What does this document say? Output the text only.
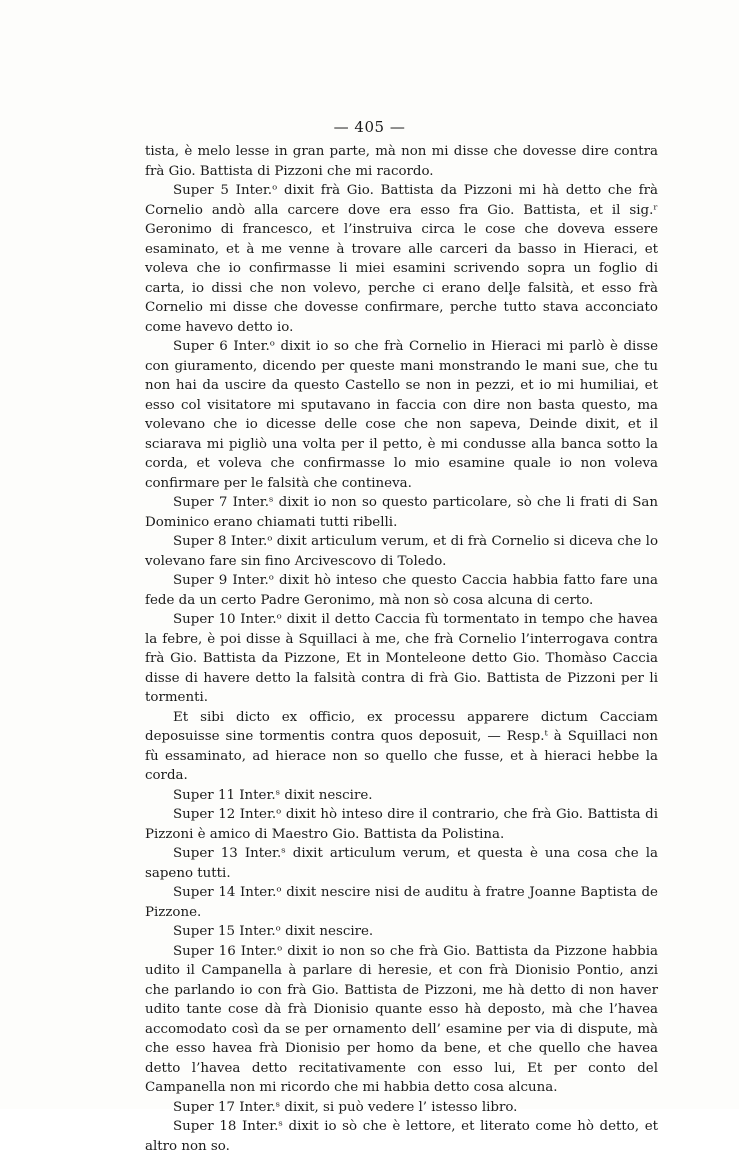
— 405 —

tista, è melo lesse in gran parte, mà non mi disse che dovesse dire contra frà Gio. Battista di Pizzoni che mi racordo.

Super 5 Inter.ᵒ dixit frà Gio. Battista da Pizzoni mi hà detto che frà Cornelio andò alla carcere dove era esso fra Gio. Battista, et il sig.ʳ Geronimo di francesco, et l’instruiva circa le cose che doveva essere esaminato, et à me venne à trovare alle carceri da basso in Hieraci, et voleva che io confirmasse li miei esamini scrivendo sopra un foglio di carta, io dissi che non volevo, perche ci erano dell̥e falsità, et esso frà Cornelio mi disse che dovesse confirmare, perche tutto stava acconciato come havevo detto io.

Super 6 Inter.ᵒ dixit io so che frà Cornelio in Hieraci mi parlò è disse con giuramento, dicendo per queste mani monstrando le mani sue, che tu non hai da uscire da questo Castello se non in pezzi, et io mi humiliai, et esso col visitatore mi sputavano in faccia con dire non basta questo, ma volevano che io dicesse delle cose che non sapeva, Deinde dixit, et il sciarava mi pigliò una volta per il petto, è mi condusse alla banca sotto la corda, et voleva che confirmasse lo mio esamine quale io non voleva confirmare per le falsità che contineva.

Super 7 Inter.ˢ dixit io non so questo particolare, sò che li frati di San Dominico erano chiamati tutti ribelli.

Super 8 Inter.ᵒ dixit articulum verum, et di frà Cornelio si diceva che lo volevano fare sin fino Arcivescovo di Toledo.

Super 9 Inter.ᵒ dixit hò inteso che questo Caccia habbia fatto fare una fede da un certo Padre Geronimo, mà non sò cosa alcuna di certo.

Super 10 Inter.ᵒ dixit il detto Caccia fù tormentato in tempo che havea la febre, è poi disse à Squillaci à me, che frà Cornelio l’interrogava contra frà Gio. Battista da Pizzone, Et in Monteleone detto Gio. Thomàso Caccia disse di havere detto la falsità contra di frà Gio. Battista de Pizzoni per li tormenti.

Et sibi dicto ex officio, ex processu apparere dictum Cacciam deposuisse sine tormentis contra quos deposuit, — Resp.ᵗ à Squillaci non fù essaminato, ad hierace non so quello che fusse, et à hieraci hebbe la corda.

Super 11 Inter.ˢ dixit nescire.

Super 12 Inter.ᵒ dixit hò inteso dire il contrario, che frà Gio. Battista di Pizzoni è amico di Maestro Gio. Battista da Polistina.

Super 13 Inter.ˢ dixit articulum verum, et questa è una cosa che la sapeno tutti.

Super 14 Inter.ᵒ dixit nescire nisi de auditu à fratre Joanne Baptista de Pizzone.

Super 15 Inter.ᵒ dixit nescire.

Super 16 Inter.ᵒ dixit io non so che frà Gio. Battista da Pizzone habbia udito il Campanella à parlare di heresie, et con frà Dionisio Pontio, anzi che parlando io con frà Gio. Battista de Pizzoni, me hà detto di non haver udito tante cose dà frà Dionisio quante esso hà deposto, mà che l’havea accomodato così da se per ornamento dell’ esamine per via di dispute, mà che esso havea frà Dionisio per homo da bene, et che quello che havea detto l’havea detto recitativamente con esso lui, Et per conto del Campanella non mi ricordo che mi habbia detto cosa alcuna.

Super 17 Inter.ˢ dixit, si può vedere l’ istesso libro.

Super 18 Inter.ˢ dixit io sò che è lettore, et literato come hò detto, et altro non so.
